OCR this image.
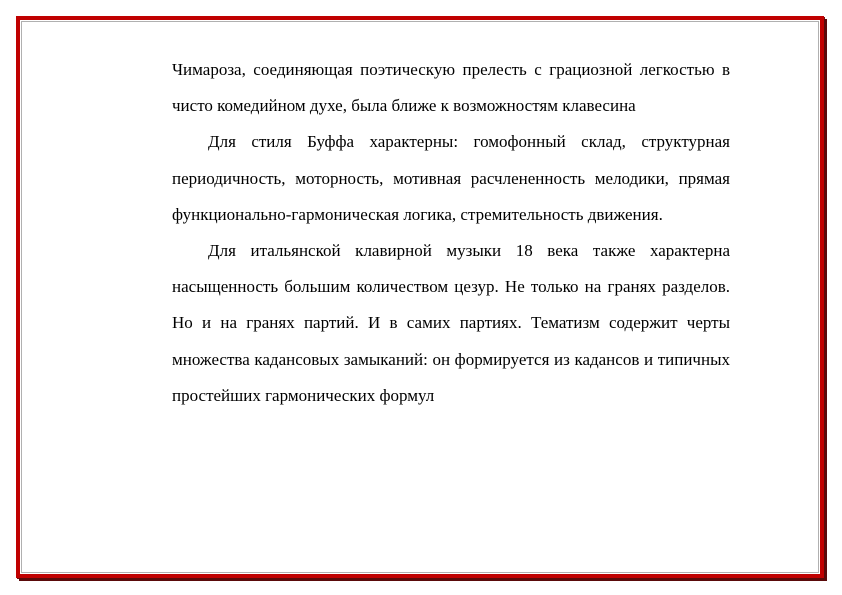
Чимароза, соединяющая поэтическую прелесть с грациозной легкостью в чисто комедийном духе, была ближе к возможностям клавесина

Для стиля Буффа характерны: гомофонный склад, структурная периодичность, моторность, мотивная расчлененность мелодики, прямая функционально-гармоническая логика, стремительность движения.

Для итальянской клавирной музыки 18 века также характерна насыщенность большим количеством цезур. Не только на гранях разделов. Но и на гранях партий. И в самих партиях. Тематизм содержит черты множества кадансовых замыканий: он формируется из кадансов и типичных простейших гармонических формул
